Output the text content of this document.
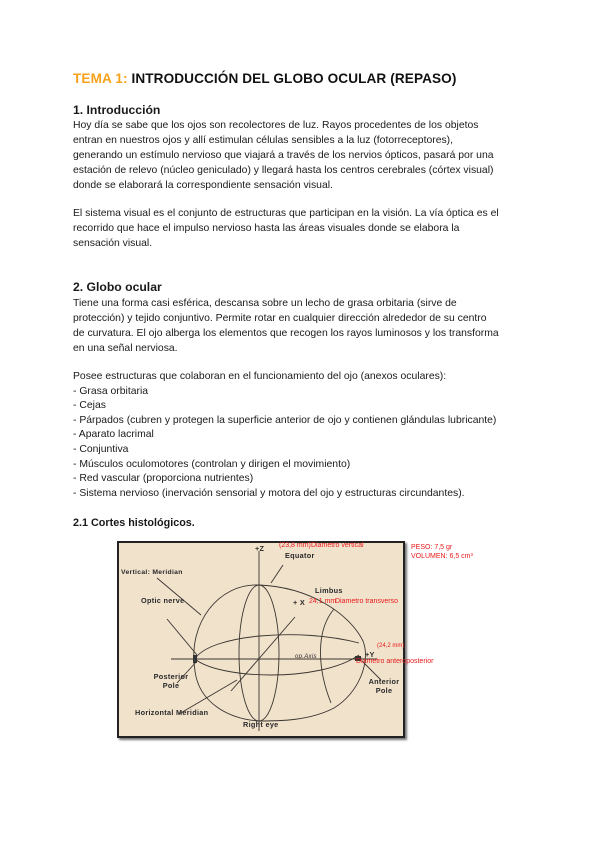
TEMA 1: INTRODUCCIÓN DEL GLOBO OCULAR (REPASO)
1. Introducción
Hoy día se sabe que los ojos son recolectores de luz. Rayos procedentes de los objetos
entran en nuestros ojos y allí estimulan células sensibles a la luz (fotorreceptores),
generando un estímulo nervioso que viajará a través de los nervios ópticos, pasará por una
estación de relevo (núcleo geniculado) y llegará hasta los centros cerebrales (córtex visual)
donde se elaborará la correspondiente sensación visual.
El sistema visual es el conjunto de estructuras que participan en la visión. La vía óptica es el
recorrido que hace el impulso nervioso hasta las áreas visuales donde se elabora la
sensación visual.
2. Globo ocular
Tiene una forma casi esférica, descansa sobre un lecho de grasa orbitaria (sirve de
protección) y tejido conjuntivo. Permite rotar en cualquier dirección alrededor de su centro
de curvatura. El ojo alberga los elementos que recogen los rayos luminosos y los transforma
en una señal nerviosa.
Posee estructuras que colaboran en el funcionamiento del ojo (anexos oculares):
- Grasa orbitaria
- Cejas
- Párpados (cubren y protegen la superficie anterior de ojo y contienen glándulas lubricante)
- Aparato lacrimal
- Conjuntiva
- Músculos oculomotores (controlan y dirigen el movimiento)
- Red vascular (proporciona nutrientes)
- Sistema nervioso (inervación sensorial y motora del ojo y estructuras circundantes).
2.1 Cortes histológicos.
+Z (23,8 mm) Diametro vertical
Equator
Vertical: Meridian
Optic nerve
Limbus
+ X 24,1 mm
Diametro transverso
op.Axis	+Y
(24,2 mm)
Diametro anteroposterior
Posterior
Pole	Anterior
Pole
Horizontal Meridian
Right eye
PESO: 7,5 gr
VOLUMEN: 6,5 cm³
